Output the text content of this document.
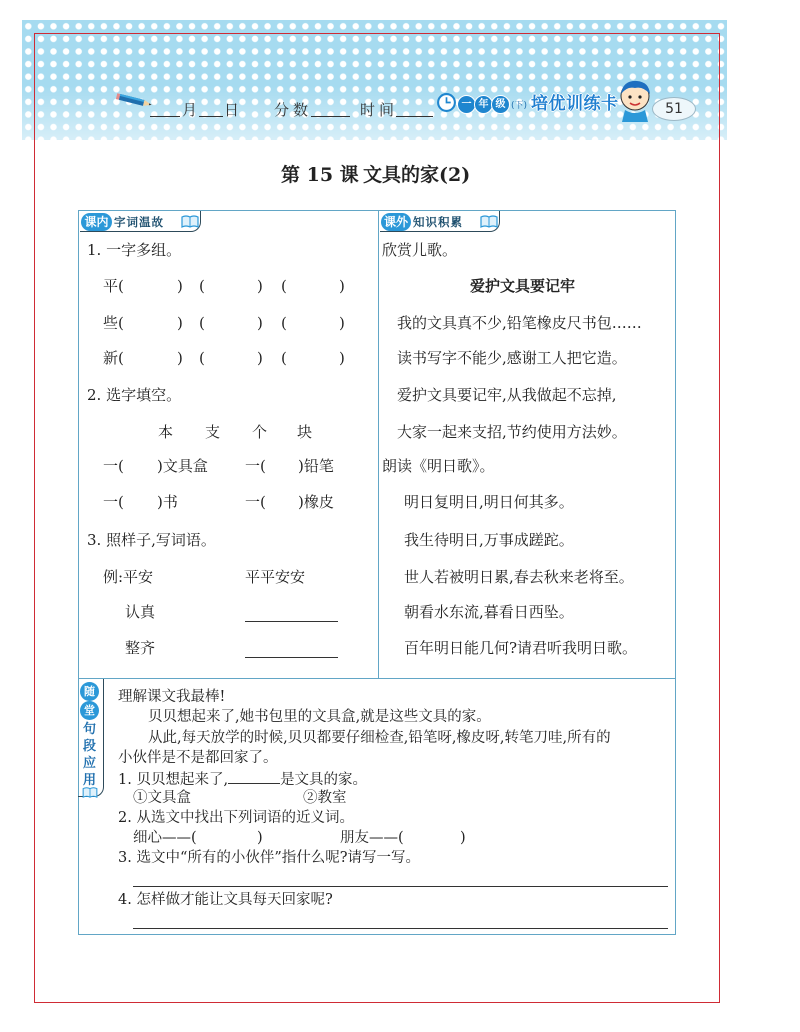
月 日 分数	时间	一 年 级 (下) 培优训练卡	51
第 15 课 文具的家(2)
课内 字词温故	课外 知识积累
1. 一字多组。
平(	) (	) (	)
些(	) (	) (	)
新(	) (	) (	)
2. 选字填空。
本 支 个 块
一( )文具盒 一( )铅笔
一( )书	一( )橡皮
3. 照样子,写词语。
例:平安	平平安安
认真
整齐
欣赏儿歌。
爱护文具要记牢
我的文具真不少,铅笔橡皮尺书包……
读书写字不能少,感谢工人把它造。
爱护文具要记牢,从我做起不忘掉,
大家一起来支招,节约使用方法妙。
朗读《明日歌》。
明日复明日,明日何其多。
我生待明日,万事成蹉跎。
世人若被明日累,春去秋来老将至。
朝看水东流,暮看日西坠。
百年明日能几何?请君听我明日歌。
随
堂
句
段
应
用
理解课文我最棒!
贝贝想起来了,她书包里的文具盒,就是这些文具的家。
从此,每天放学的时候,贝贝都要仔细检查,铅笔呀,橡皮呀,转笔刀哇,所有的
小伙伴是不是都回家了。
1. 贝贝想起来了,	是文具的家。
①文具盒	②教室
2. 从选文中找出下列词语的近义词。
细心——(	)	朋友——(	)
3. 选文中“所有的小伙伴”指什么呢?请写一写。
4. 怎样做才能让文具每天回家呢?
